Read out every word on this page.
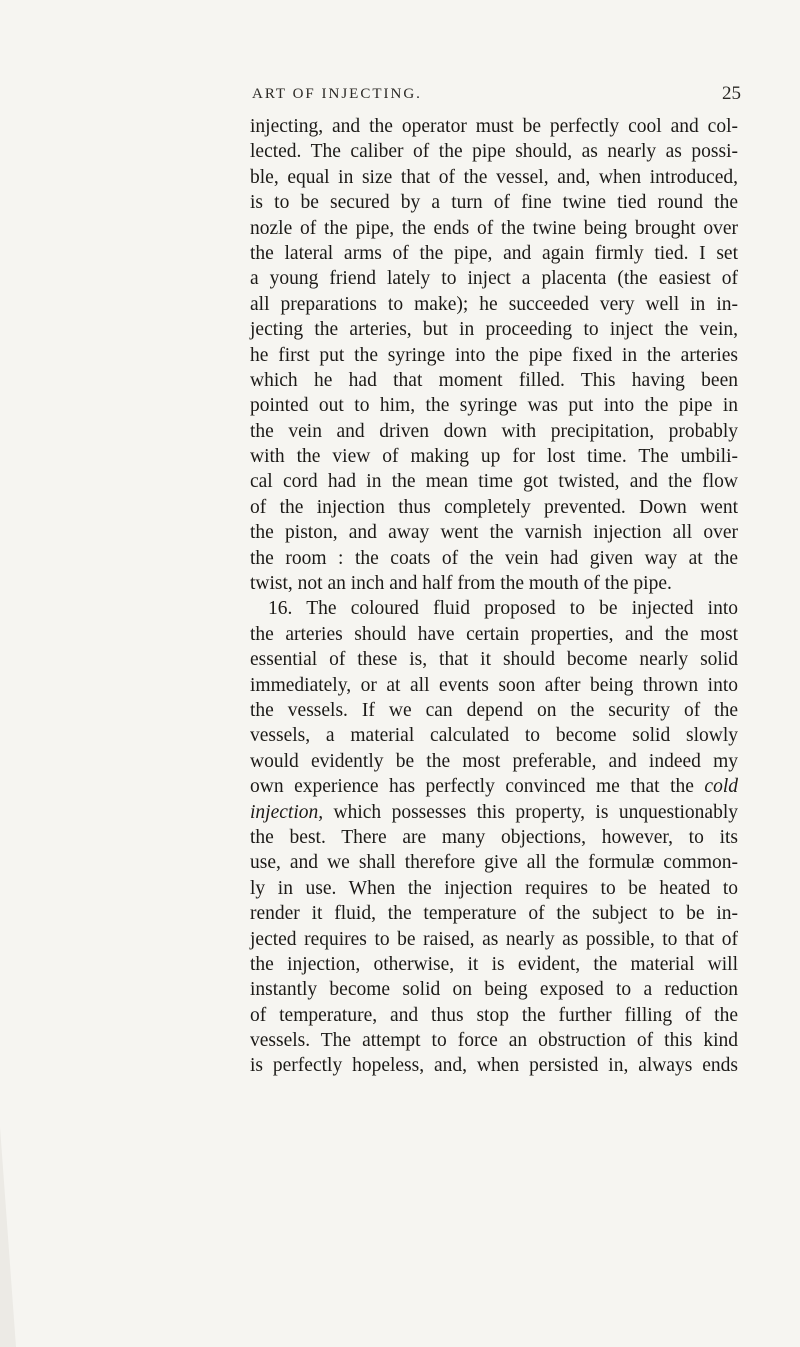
ART OF INJECTING.	25
injecting, and the operator must be perfectly cool and col-
lected. The caliber of the pipe should, as nearly as possi-
ble, equal in size that of the vessel, and, when introduced,
is to be secured by a turn of fine twine tied round the
nozle of the pipe, the ends of the twine being brought over
the lateral arms of the pipe, and again firmly tied. I set
a young friend lately to inject a placenta (the easiest of
all preparations to make); he succeeded very well in in-
jecting the arteries, but in proceeding to inject the vein,
he first put the syringe into the pipe fixed in the arteries
which he had that moment filled. This having been
pointed out to him, the syringe was put into the pipe in
the vein and driven down with precipitation, probably
with the view of making up for lost time. The umbili-
cal cord had in the mean time got twisted, and the flow
of the injection thus completely prevented. Down went
the piston, and away went the varnish injection all over
the room : the coats of the vein had given way at the
twist, not an inch and half from the mouth of the pipe.
16. The coloured fluid proposed to be injected into
the arteries should have certain properties, and the most
essential of these is, that it should become nearly solid
immediately, or at all events soon after being thrown into
the vessels. If we can depend on the security of the
vessels, a material calculated to become solid slowly
would evidently be the most preferable, and indeed my
own experience has perfectly convinced me that the cold
injection, which possesses this property, is unquestionably
the best. There are many objections, however, to its
use, and we shall therefore give all the formulæ common-
ly in use. When the injection requires to be heated to
render it fluid, the temperature of the subject to be in-
jected requires to be raised, as nearly as possible, to that of
the injection, otherwise, it is evident, the material will
instantly become solid on being exposed to a reduction
of temperature, and thus stop the further filling of the
vessels. The attempt to force an obstruction of this kind
is perfectly hopeless, and, when persisted in, always ends
